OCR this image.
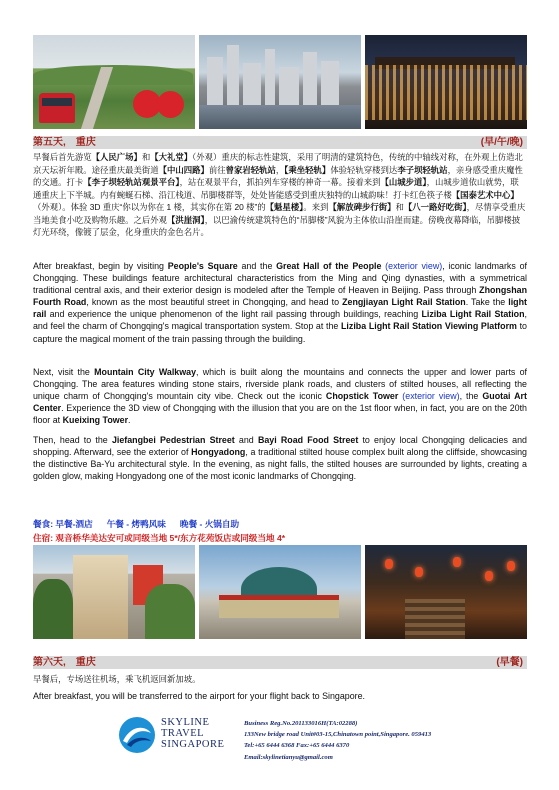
第五天,　重庆	(早/午/晚)
早餐后首先游览【人民广场】和【大礼堂】（外观）重庆的标志性建筑，采用了明清的建筑特色，传统的中轴线对称，在外观上仿造北京天坛祈年殿。途径重庆最美街道【中山四路】前往曾家岩轻轨站，【乘坐轻轨】体验轻轨穿楼到达李子坝轻轨站，亲身感受重庆魔性的交通。打卡【李子坝轻轨站观景平台】，站在观景平台，抓拍列车穿楼的神奇一幕。接着来到【山城步道】，山城步道依山就势，联通重庆上下半城。内有蜿蜒石梯、沿江栈道、吊脚楼群等，处处皆能感受到重庆独特的山城韵味！打卡红色筷子楼【国泰艺术中心】（外观）。体验 3D 重庆“你以为你在 1 楼，其实你在第 20 楼”的【魁星楼】。来到【解放碑步行街】和【八一路好吃街】，尽情享受重庆当地美食小吃及购物乐趣。之后外观【洪崖洞】，以巴渝传统建筑特色的“吊脚楼”风貌为主体依山沿崖而建。傍晚夜幕降临，吊脚楼披灯光环绕，像镀了层金，化身重庆的金色名片。
After breakfast, begin by visiting People's Square and the Great Hall of the People (exterior view), iconic landmarks of Chongqing. These buildings feature architectural characteristics from the Ming and Qing dynasties, with a symmetrical traditional central axis, and their exterior design is modeled after the Temple of Heaven in Beijing. Pass through Zhongshan Fourth Road, known as the most beautiful street in Chongqing, and head to Zengjiayan Light Rail Station. Take the light rail and experience the unique phenomenon of the light rail passing through buildings, reaching Liziba Light Rail Station, and feel the charm of Chongqing's magical transportation system. Stop at the Liziba Light Rail Station Viewing Platform to capture the magical moment of the train passing through the building.
Next, visit the Mountain City Walkway, which is built along the mountains and connects the upper and lower parts of Chongqing. The area features winding stone stairs, riverside plank roads, and clusters of stilted houses, all reflecting the unique charm of Chongqing's mountain city vibe. Check out the iconic Chopstick Tower (exterior view), the Guotai Art Center. Experience the 3D view of Chongqing with the illusion that you are on the 1st floor when, in fact, you are on the 20th floor at Kueixing Tower.
Then, head to the Jiefangbei Pedestrian Street and Bayi Road Food Street to enjoy local Chongqing delicacies and shopping. Afterward, see the exterior of Hongyadong, a traditional stilted house complex built along the cliffside, showcasing the distinctive Ba-Yu architectural style. In the evening, as night falls, the stilted houses are surrounded by lights, creating a golden glow, making Hongyadong one of the most iconic landmarks of Chongqing.
餐食: 早餐-酒店 午餐 - 烤鸭风味 晚餐 - 火锅自助
住宿: 观音桥华美达安可或同级当地 5*/东方花苑饭店或同级当地 4*
第六天,　重庆	(早餐)
早餐后，专场送往机场，乘飞机返回新加坡。
After breakfast, you will be transferred to the airport for your flight back to Singapore.
SKYLINE
TRAVEL
SINGAPORE
Business Reg.No.20113301​6H(TA:02288)
133New bridge road Unit#03-15,Chinatown point,Singapore. 059413
Tel:+65 6444 6368 Fax:+65 6444 6370
Email:skylinetianyu@gmail.com
